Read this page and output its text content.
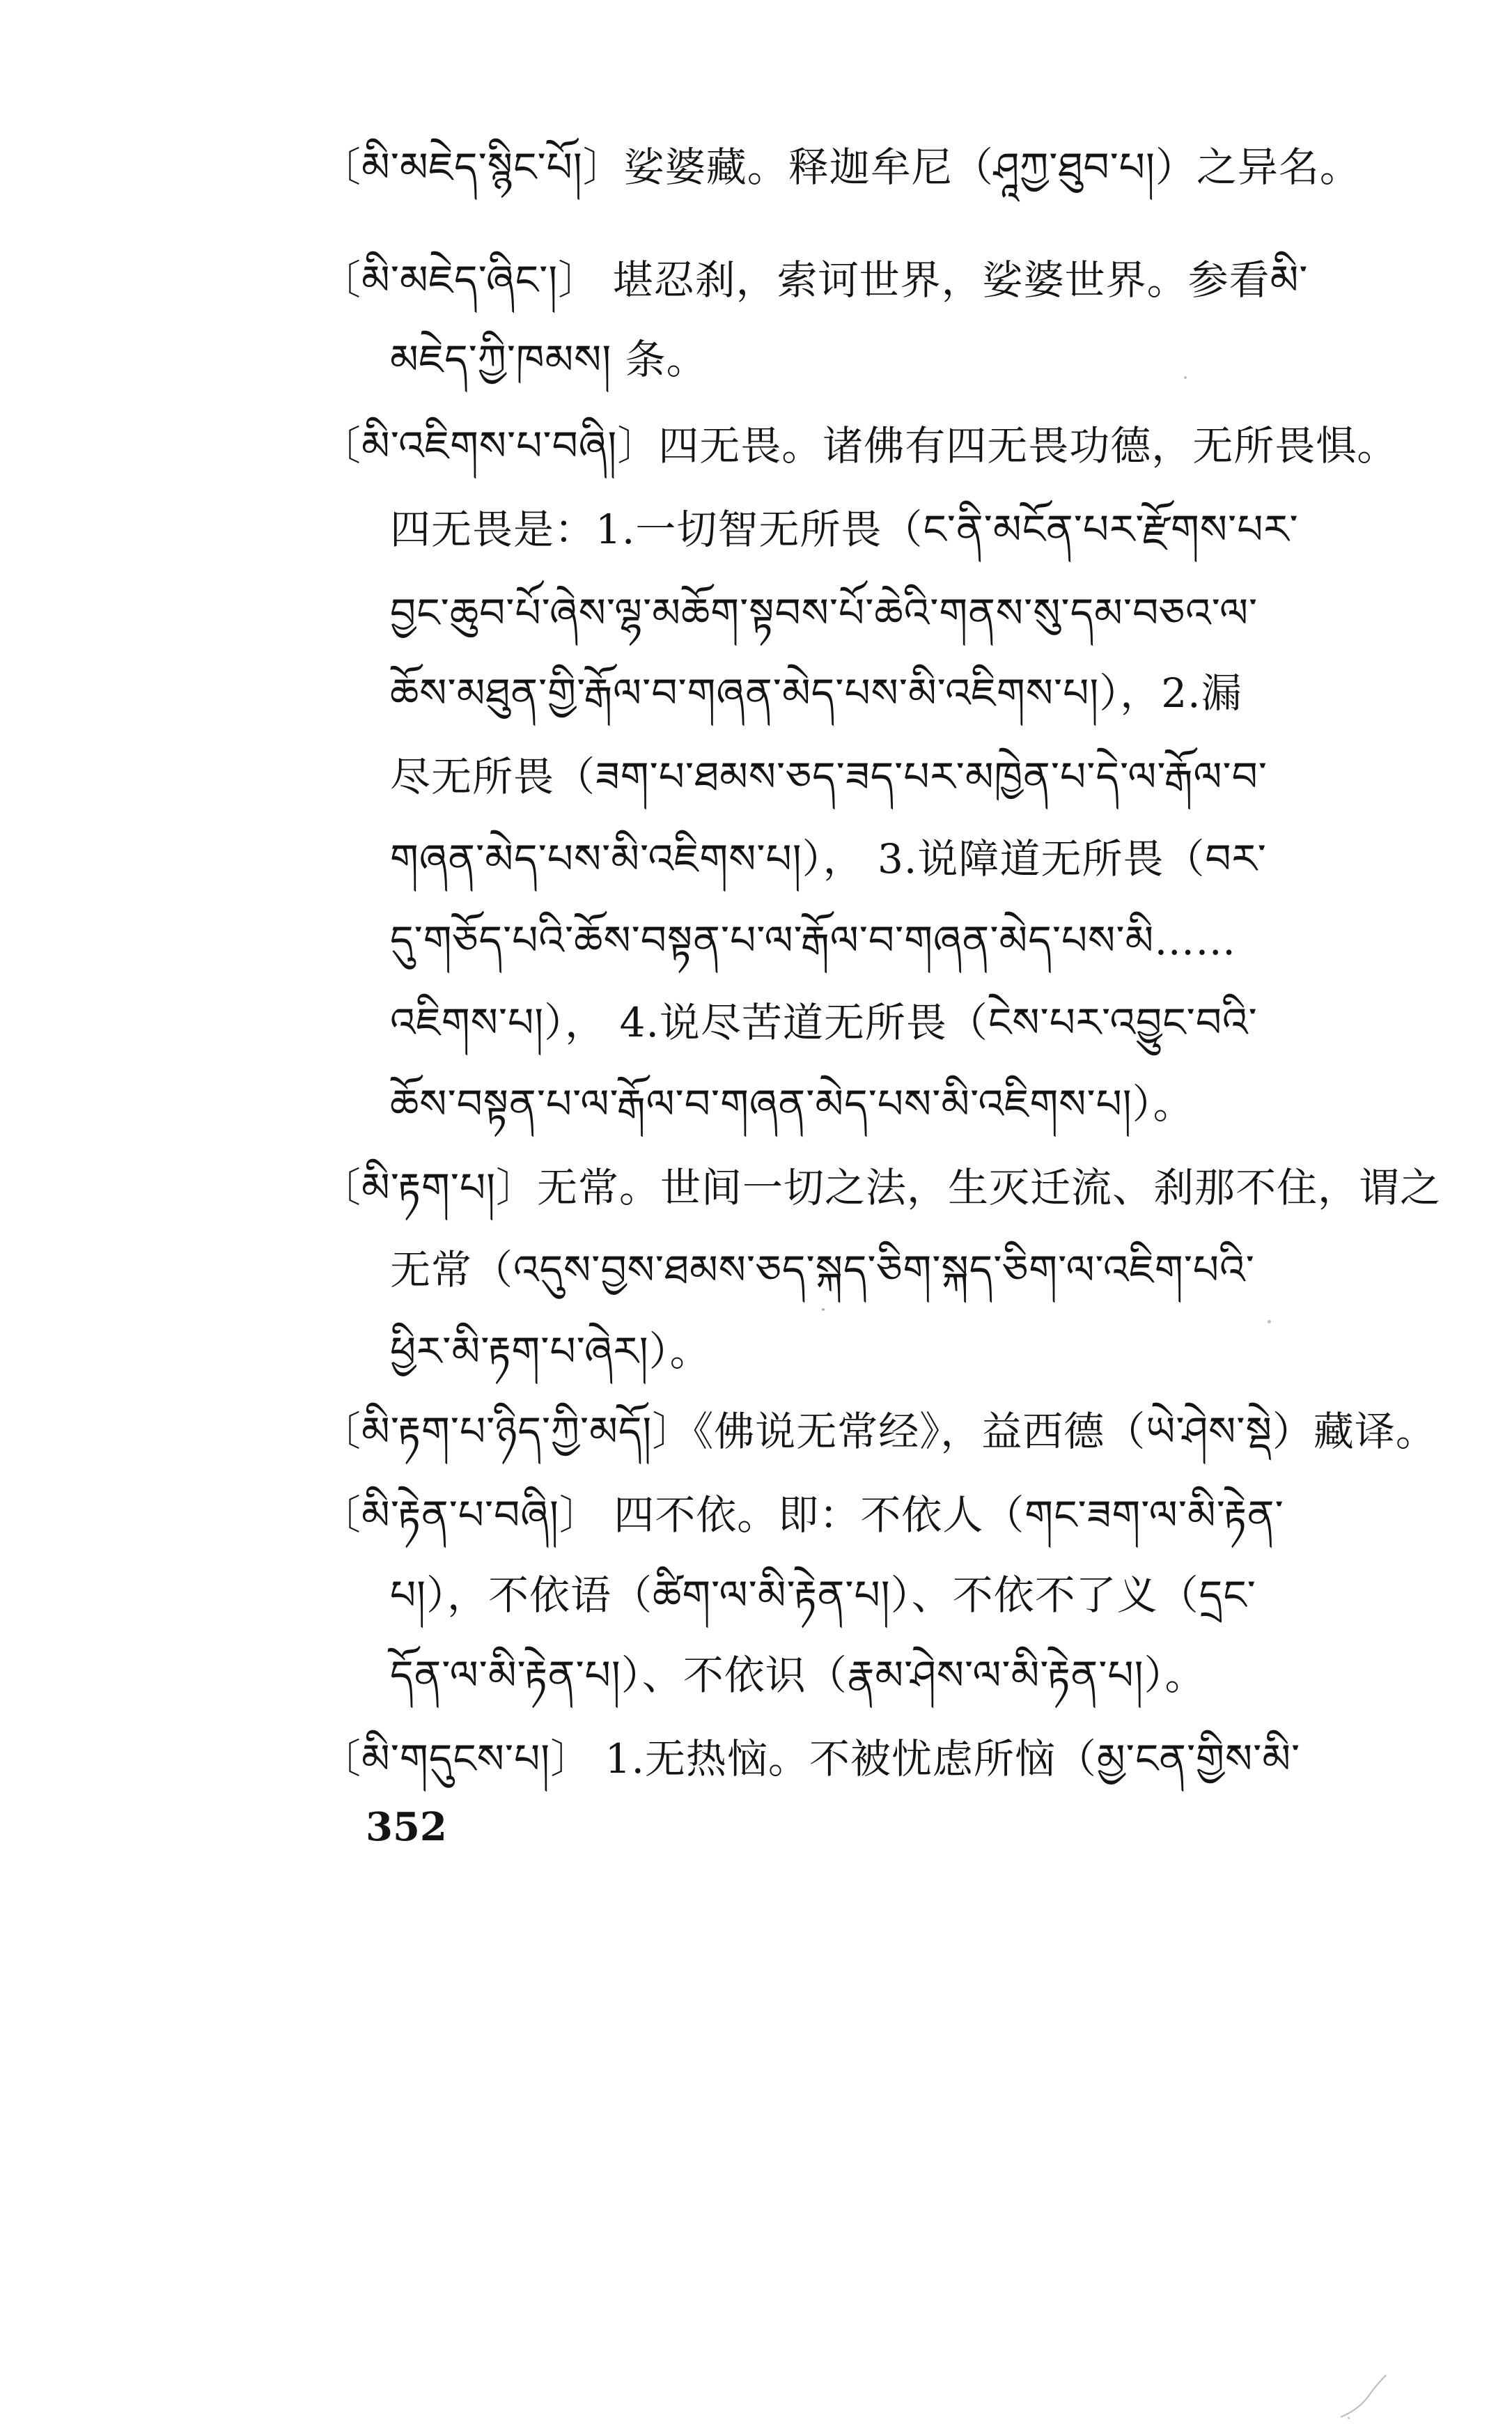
〔མི་མཇེད་སྙིང་པོ།〕娑婆藏。释迦牟尼（ཤཱཀྱ་ཐུབ་པ།）之异名。
〔མི་མཇེད་ཞིང་།〕 堪忍刹，索诃世界，娑婆世界。参看མི་
མཇེད་ཀྱི་ཁམས། 条。
〔མི་འཇིགས་པ་བཞི།〕四无畏。诸佛有四无畏功德，无所畏惧。
四无畏是：1.一切智无所畏（ང་ནི་མངོན་པར་རྫོགས་པར་
བྱང་ཆུབ་པོ་ཞེས་ལྷ་མཆོག་སྟབས་པོ་ཆེའི་གནས་སུ་དམ་བཅའ་ལ་
ཆོས་མཐུན་གྱི་རྒོལ་བ་གཞན་མེད་པས་མི་འཇིགས་པ།），2.漏
尽无所畏（ཟག་པ་ཐམས་ཅད་ཟད་པར་མཁྱེན་པ་དེ་ལ་རྒོལ་བ་
གཞན་མེད་པས་མི་འཇིགས་པ།）， 3.说障道无所畏（བར་
དུ་གཅོད་པའི་ཆོས་བསྟན་པ་ལ་རྒོལ་བ་གཞན་མེད་པས་མི……
འཇིགས་པ།）， 4.说尽苦道无所畏（ངེས་པར་འབྱུང་བའི་
ཆོས་བསྟན་པ་ལ་རྒོལ་བ་གཞན་མེད་པས་མི་འཇིགས་པ།）。
〔མི་རྟག་པ།〕无常。世间一切之法，生灭迁流、刹那不住，谓之
无常（འདུས་བྱས་ཐམས་ཅད་སྐད་ཅིག་སྐད་ཅིག་ལ་འཇིག་པའི་
ཕྱིར་མི་རྟག་པ་ཞེར།）。
〔མི་རྟག་པ་ཉིད་ཀྱི་མདོ།〕《佛说无常经》，益西德（ཡེ་ཤེས་སྡེ）藏译。
〔མི་རྟེན་པ་བཞི།〕 四不依。即：不依人（གང་ཟག་ལ་མི་རྟེན་
པ།），不依语（ཚིག་ལ་མི་རྟེན་པ།）、不依不了义（དྲང་
དོན་ལ་མི་རྟེན་པ།）、不依识（རྣམ་ཤེས་ལ་མི་རྟེན་པ།）。
〔མི་གདུངས་པ།〕 1.无热恼。不被忧虑所恼（མྱ་ངན་གྱིས་མི་
352
